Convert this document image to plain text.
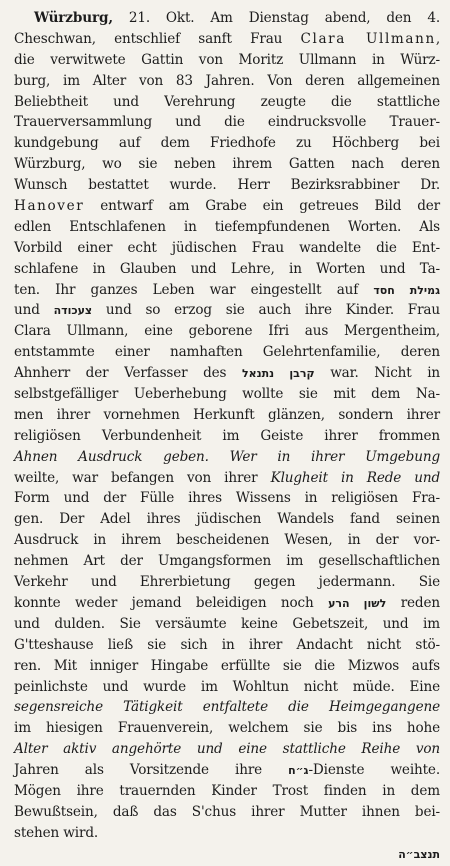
Würzburg, 21. Okt. Am Dienstag abend, den 4.
Cheschwan, entschlief sanft Frau Clara Ullmann,
die verwitwete Gattin von Moritz Ullmann in Würz-
burg, im Alter von 83 Jahren. Von deren allgemeinen
Beliebtheit und Verehrung zeugte die stattliche
Trauerversammlung und die eindrucksvolle Trauer-
kundgebung auf dem Friedhofe zu Höchberg bei
Würzburg, wo sie neben ihrem Gatten nach deren
Wunsch bestattet wurde. Herr Bezirksrabbiner Dr.
Hanover entwarf am Grabe ein getreues Bild der
edlen Entschlafenen in tiefempfundenen Worten. Als
Vorbild einer echt jüdischen Frau wandelte die Ent-
schlafene in Glauben und Lehre, in Worten und Ta-
ten. Ihr ganzes Leben war eingestellt auf גמילת חסד
und צעכודה und so erzog sie auch ihre Kinder. Frau
Clara Ullmann, eine geborene Ifri aus Mergentheim,
entstammte einer namhaften Gelehrtenfamilie, deren
Ahnherr der Verfasser des קרבן נתנאל war. Nicht in
selbstgefälliger Ueberhebung wollte sie mit dem Na-
men ihrer vornehmen Herkunft glänzen, sondern ihrer
religiösen Verbundenheit im Geiste ihrer frommen
Ahnen Ausdruck geben. Wer in ihrer Umgebung
weilte, war befangen von ihrer Klugheit in Rede und
Form und der Fülle ihres Wissens in religiösen Fra-
gen. Der Adel ihres jüdischen Wandels fand seinen
Ausdruck in ihrem bescheidenen Wesen, in der vor-
nehmen Art der Umgangsformen im gesellschaftlichen
Verkehr und Ehrerbietung gegen jedermann. Sie
konnte weder jemand beleidigen noch לשון הרע reden
und dulden. Sie versäumte keine Gebetszeit, und im
G'tteshause ließ sie sich in ihrer Andacht nicht stö-
ren. Mit inniger Hingabe erfüllte sie die Mizwos aufs
peinlichste und wurde im Wohltun nicht müde. Eine
segensreiche Tätigkeit entfaltete die Heimgegangene
im hiesigen Frauenverein, welchem sie bis ins hohe
Alter aktiv angehörte und eine stattliche Reihe von
Jahren als Vorsitzende ihre ג״ח-Dienste weihte.
Mögen ihre trauernden Kinder Trost finden in dem
Bewußtsein, daß das S'chus ihrer Mutter ihnen bei-
stehen wird.
תנצב״ה
